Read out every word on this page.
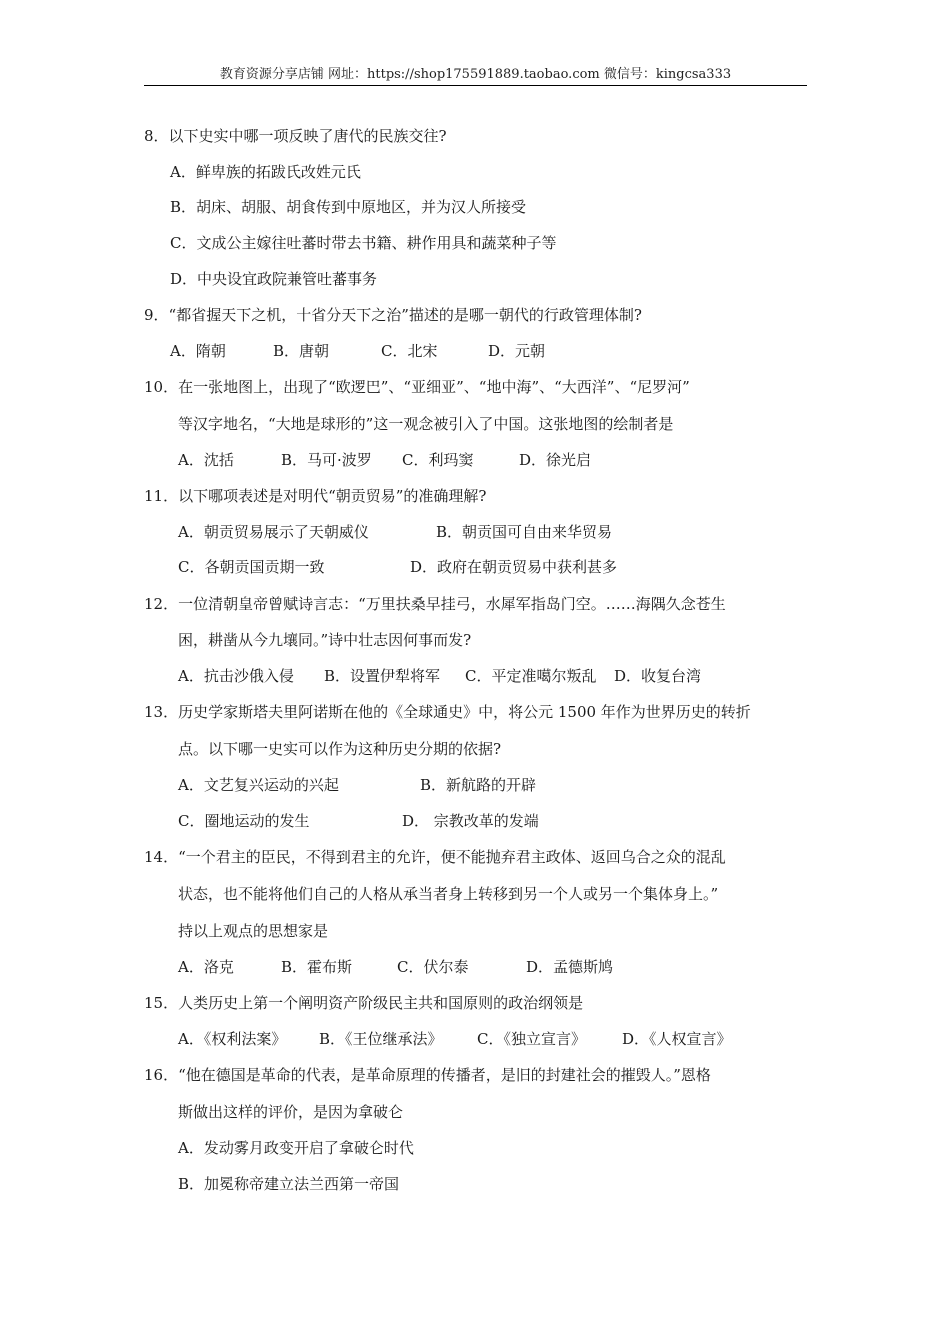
教育资源分享店铺 网址：https://shop175591889.taobao.com 微信号：kingcsa333
8．以下史实中哪一项反映了唐代的民族交往?
A．鲜卑族的拓跋氏改姓元氏
B．胡床、胡服、胡食传到中原地区，并为汉人所接受
C．文成公主嫁往吐蕃时带去书籍、耕作用具和蔬菜种子等
D．中央设宜政院兼管吐蕃事务
9．“都省握天下之机，十省分天下之治”描述的是哪一朝代的行政管理体制?
A．隋朝	B．唐朝	C．北宋	D．元朝
10．在一张地图上，出现了“欧逻巴”、“亚细亚”、“地中海”、“大西洋”、“尼罗河”
等汉字地名，“大地是球形的”这一观念被引入了中国。这张地图的绘制者是
A．沈括	B．马可·波罗 C．利玛窦	D．徐光启
11．以下哪项表述是对明代“朝贡贸易”的准确理解?
A．朝贡贸易展示了天朝威仪	B．朝贡国可自由来华贸易
C．各朝贡国贡期一致	D．政府在朝贡贸易中获利甚多
12．一位清朝皇帝曾赋诗言志：“万里扶桑早挂弓，水犀军指岛门空。……海隅久念苍生
困，耕凿从今九壤同。”诗中壮志因何事而发?
A．抗击沙俄入侵 B．设置伊犁将军 C．平定准噶尔叛乱 D．收复台湾
13．历史学家斯塔夫里阿诺斯在他的《全球通史》中，将公元 1500 年作为世界历史的转折
点。以下哪一史实可以作为这种历史分期的依据?
A．文艺复兴运动的兴起	B．新航路的开辟
C．圈地运动的发生	D． 宗教改革的发端
14．“一个君主的臣民，不得到君主的允许，便不能抛弃君主政体、返回乌合之众的混乱
状态，也不能将他们自己的人格从承当者身上转移到另一个人或另一个集体身上。”
持以上观点的思想家是
A．洛克	B．霍布斯	C．伏尔泰	D．孟德斯鸠
15．人类历史上第一个阐明资产阶级民主共和国原则的政治纲领是
A．《权利法案》 B．《王位继承法》 C．《独立宣言》 D．《人权宣言》
16．“他在德国是革命的代表，是革命原理的传播者，是旧的封建社会的摧毁人。”恩格
斯做出这样的评价，是因为拿破仑
A．发动雾月政变开启了拿破仑时代
B．加冕称帝建立法兰西第一帝国
